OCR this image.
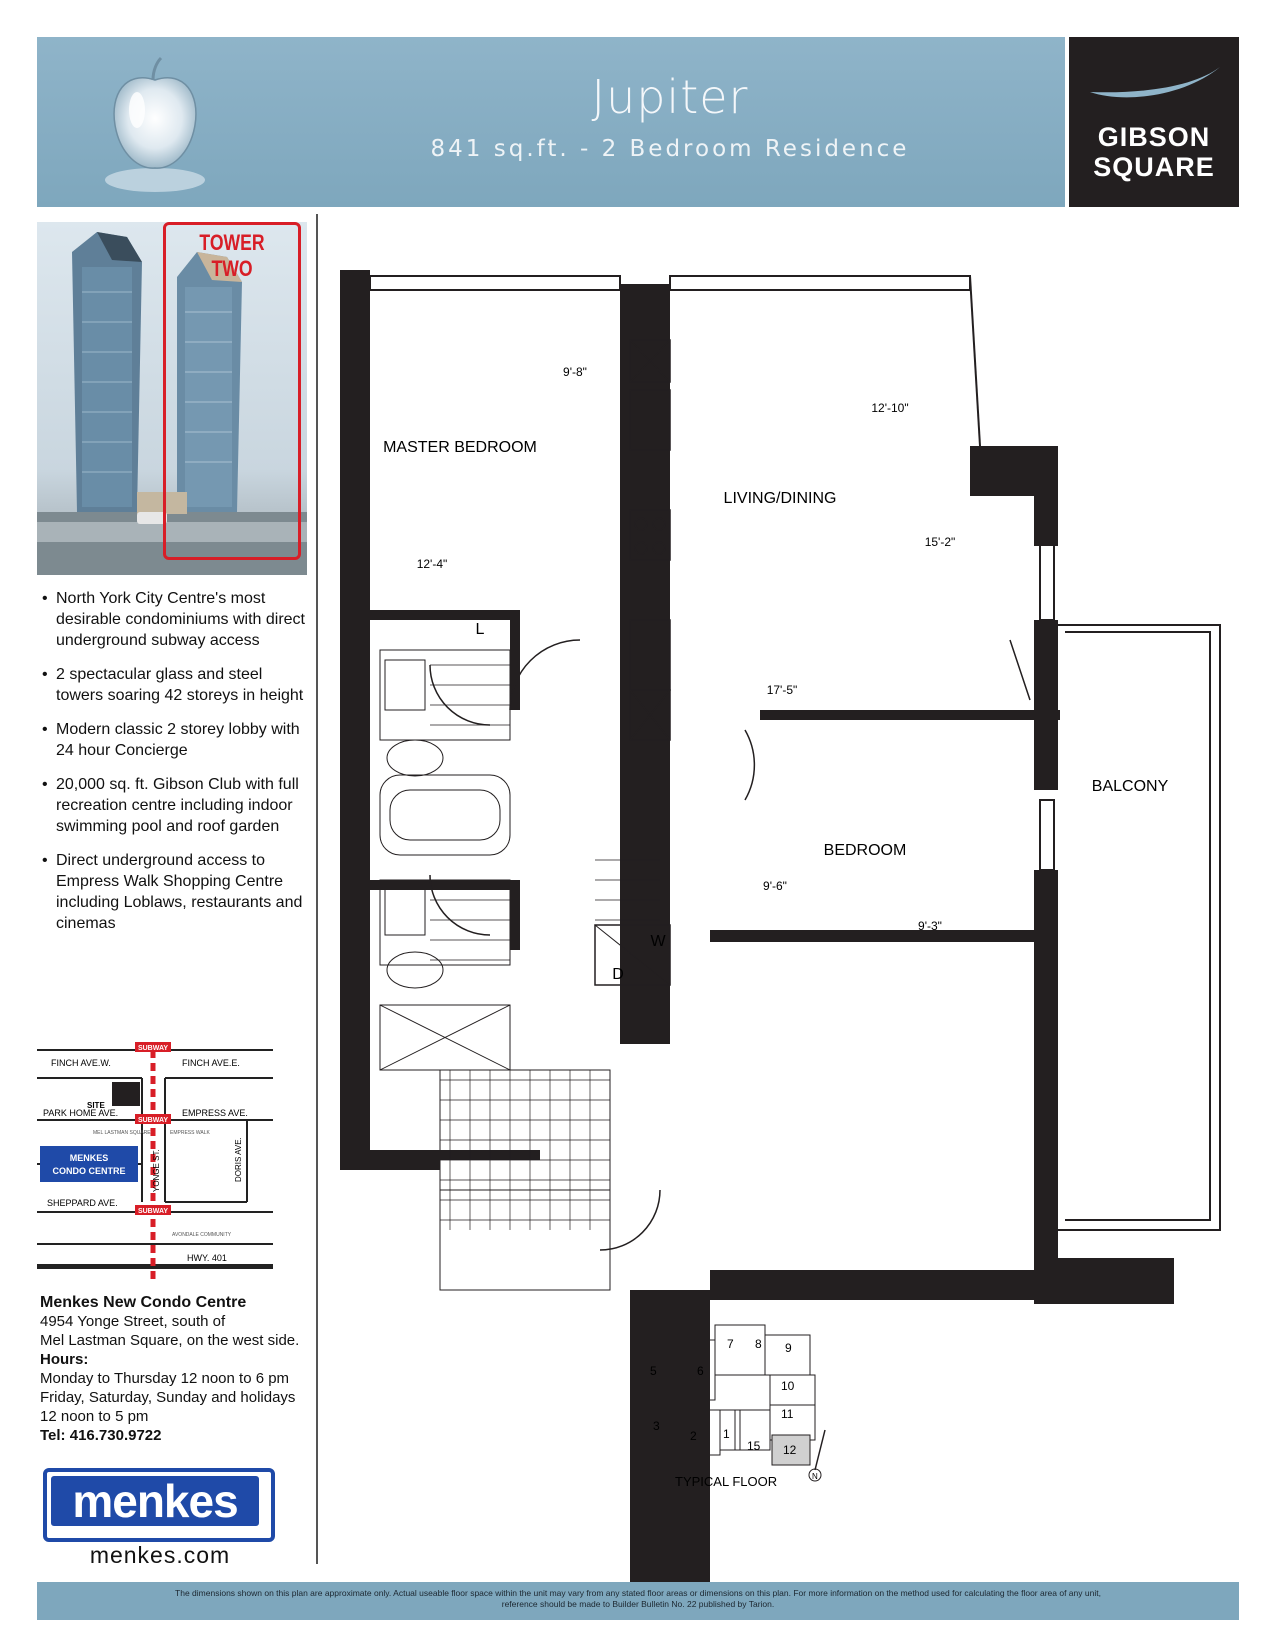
Jupiter
841 sq.ft. - 2 Bedroom Residence	GIBSON
SQUARE
TOWER TWO
• North York City Centre's most desirable condominiums with direct underground subway access
• 2 spectacular glass and steel towers soaring 42 storeys in height
• Modern classic 2 storey lobby with 24 hour Concierge
• 20,000 sq. ft. Gibson Club with full recreation centre including indoor swimming pool and roof garden
• Direct underground access to Empress Walk Shopping Centre including Loblaws, restaurants and cinemas
SUBWAY
SUBWAY
SUBWAY
FINCH AVE.W.	FINCH AVE.E.
SITE
PARK HOME AVE.	EMPRESS AVE.
MEL LASTMAN SQUARE	EMPRESS WALK
YONGE ST.	DORIS AVE.
MENKES
CONDO CENTRE
SHEPPARD AVE.
AVONDALE COMMUNITY
HWY. 401
Menkes New Condo Centre
4954 Yonge Street, south of
Mel Lastman Square, on the west side.
Hours:
Monday to Thursday 12 noon to 6 pm
Friday, Saturday, Sunday and holidays
12 noon to 5 pm
Tel: 416.730.9722
menkes
menkes.com
MASTER BEDROOM
LIVING/DINING
BEDROOM
BALCONY
L
W
D
9'-8"
12'-10"
15'-2"
12'-4"
17'-5"
9'-6"
9'-3"
1
2
3
5	6
7 8 9
10
11
12
15
TYPICAL FLOOR	N
The dimensions shown on this plan are approximate only. Actual useable floor space within the unit may vary from any stated floor areas or dimensions on this plan. For more information on the method used for calculating the floor area of any unit,
reference should be made to Builder Bulletin No. 22 published by Tarion.
